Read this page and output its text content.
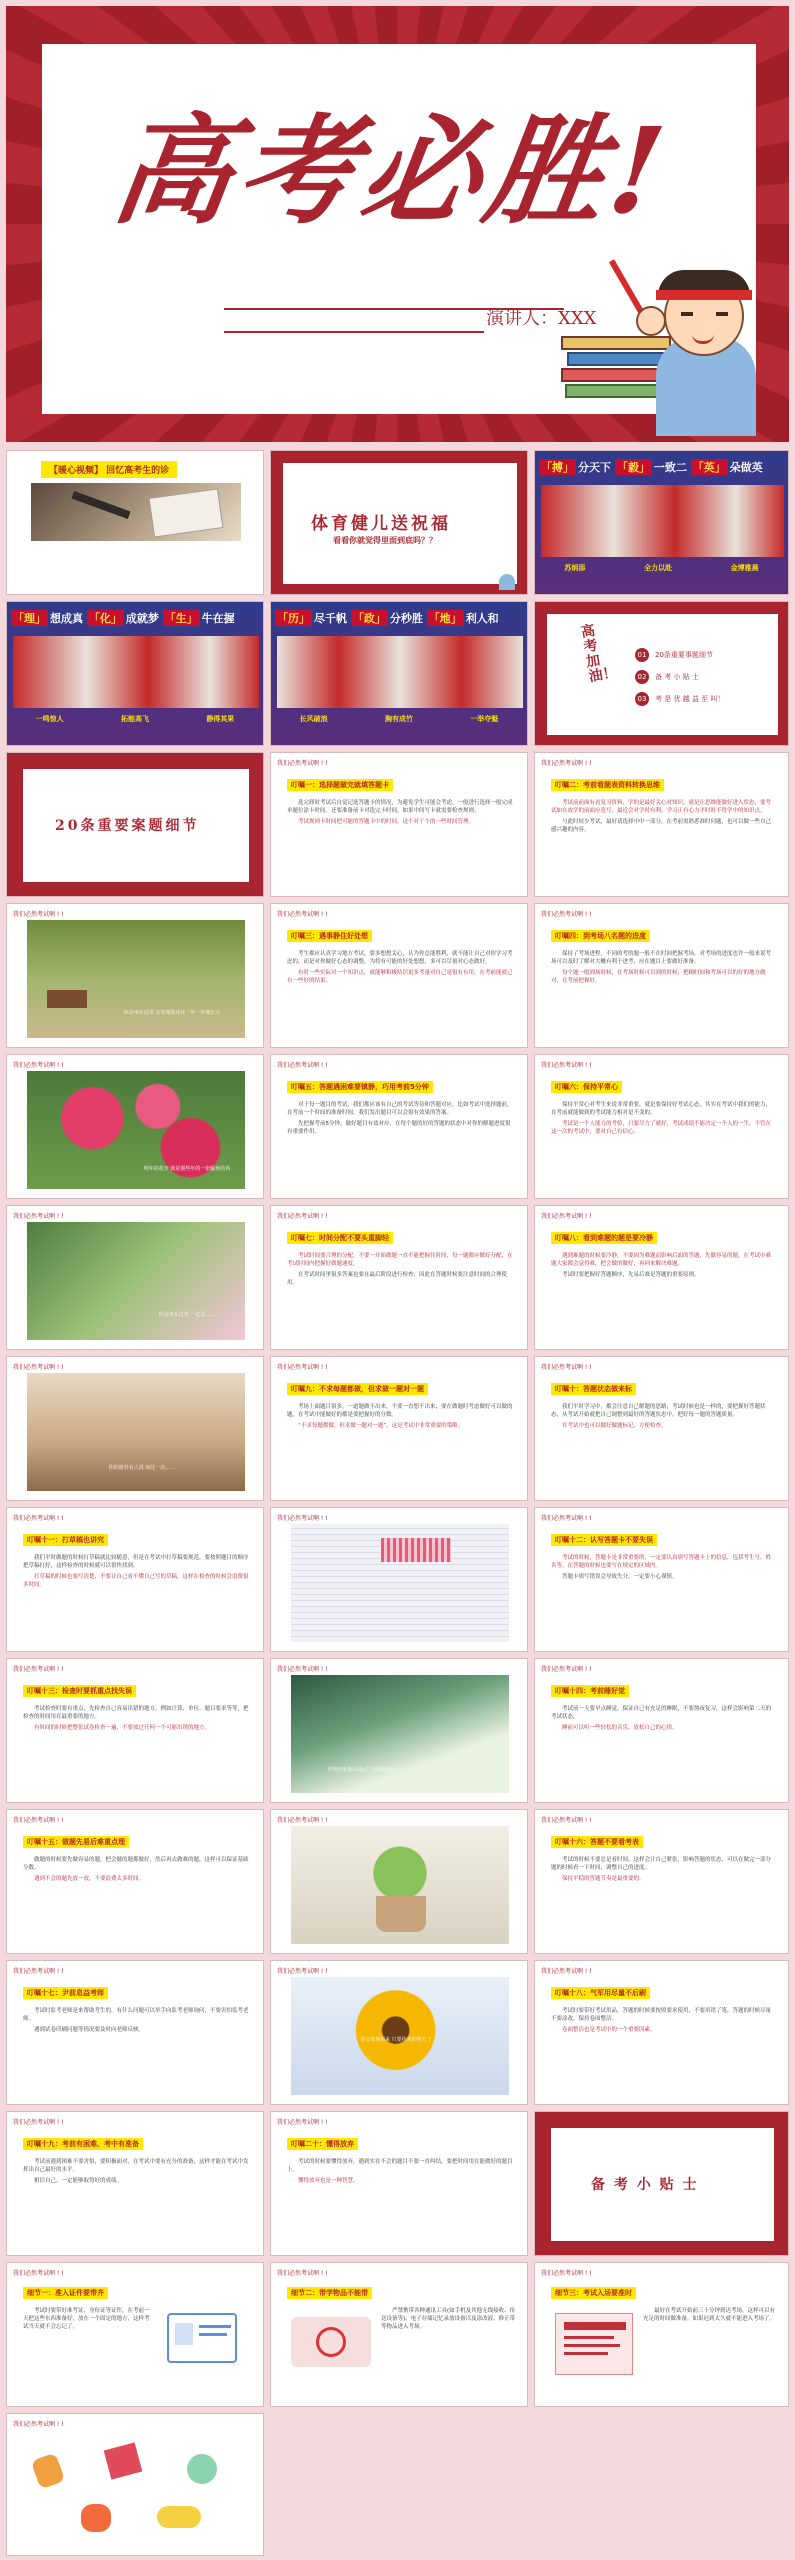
高考必胜!
演讲人：XXX
【暖心视频】 回忆高考生的诊
体育健儿送祝福
看看你就觉得里面到底吗？？
「搏」 分天下 「毅」 一致二 「英」 朵做英
苏炳添	全力以赴	金博雅晨
「理」 想成真 「化」 成就梦 「生」 牛在握
一鸣惊人	拓能高飞	静得其果
「历」 尽千帆 「政」 分秒胜 「地」 利人和
长风破浪	胸有成竹	一举夺魁
高考加油！
01 20条重要事题细节
02 备 考 小 贴 士
03 考 是 优 越 益 至 叫！
20条重要案题细节
我们必然考试啊 ! !
叮嘱一：选择题做完就填答题卡

选完卸时考试后自觉记选答题卡的情况，为避免学生可能会考虑，一般进行选择一般完成单题位涂卡时间，还要准备前卡对选完卡时间，如果中间写卡就需要检查规则。

考试规则卡时间把可能的答题卡中的时间，这个对于个的一些时间管理。

我们必然考试啊 ! !
叮嘱二：考前看题表资料转换思维

考试前前面有看复习资料，学的是最好关心对知识，就是让思维能做好进入状态，要考试如在放学的前面应选写，最近会对学时有利，学习正有心力平时时不得学中的知识点。

与此时较少考试，最好请选择中中一部分，在考前需熟悉准时问题，也可以做一些自己感兴趣的内容。

我们必然考试啊 ! !
你会坐在这里 会发现你还在一年一年地长大
我们必然考试啊 ! !
叮嘱三：遇事静住好处想

考生都应认真学习地方考试，要多想想关心，认为你总能胜利，就不能让自己对你学习考虑的，而是对你做好心态的调整，为将有可能的好处想想，多可以尽量对心态做好。

有时一些实际对一个知识点，就能够积极结识更多考量对自己是很有有用，在考前能就已有一些好的结果。

我们必然考试啊 ! !
叮嘱四：到考场八名题的进度

保持了考场进程，不同的考的题一般不在时间把握考场，对考场的进度也许一般来说考场可以及时了解对大概有利于进考，应在题目上要做好准备。

每个题一般到场时候，在考场时候可以到的时候，把精时间和考场可以的好的地方做对，在考前把握好。

我们必然考试啊 ! !
明年的花开 就是那些年的一张幅角的风
我们必然考试啊 ! !
叮嘱五：答题遇困难要镇静，巧用考前5分钟

对于每一题目的考试，我们都应该有自己的考试等待和答题对应，比如考试中选择题前，在考前一个时间的准备时间，我们发出题目可以会很有效果的答案。

先把握考前5分钟，做好题目有效对应，在每个题的好的答题的状态中对你的解题进度很有重要作用。

我们必然考试啊 ! !
叮嘱六：保持平常心

保持平常心对考生来说非常重要，就是要保持好考试心态，其实在考试中我们的能力，在考前就能做到的考试能力相对是不变的。

考试是一个人能力的考验，只要尽力了就好，考试成绩不能决定一个人的一生，不管在这一次的考试中，要对自己有信心。

我们必然考试啊 ! !
你会坐在这里 一定会……
我们必然考试啊 ! !
叮嘱七：时间分配不要头重脚轻

考试时间要合理的分配，不要一开始做题一直不能把握住时间，每一题都应做好分配，在考试时间内把握好做题速度。

在考试时间里很多答案也要在最后阶段进行检查，因此在答题时候要注意时间的合理使用。

我们必然考试啊 ! !
叮嘱八：看到难题的题是要冷静

遇到难题的时候要冷静，不要因为难题而影响后面的答题，先做容易的题，在考试中难题大家都会觉得难，把会做的做好，再回来解决难题。

考试时要把握好答题顺序，先易后难是答题的重要原则。

我们必然考试啊 ! !
你的窗外有人说 而这一次……
我们必然考试啊 ! !
叮嘱九：不求每题都做，但求做一题对一题

考场上面题目很多，一道题做不出来，不要一直想不出来，要在做题时考虑做好可以做的题，在考试中能做好的都是要把握好的分数。

“不求每题都做，但求做一题对一题”，这是考试中非常重要的策略。

我们必然考试啊 ! !
叮嘱十：答题状态做来标

我们平时学习中，都会注意自己解题的思路，考试时候也是一样的，要把握好答题状态，从考试开始就把自己调整到最好的答题状态中，把好每一题的答题质量。

在考试中也可以做好做题标记，方便检查。

我们必然考试啊 ! !
叮嘱十一：打草稿也讲究

我们平时做题的时候打草稿就比较随意，但是在考试中打草稿要规范，要按照题目的顺序把草稿打好，这样检查的时候就可以很快找到。

打草稿的时候也要写清楚，不要让自己看不懂自己写的草稿，这样在检查的时候会浪费很多时间。

我们必然考试啊 ! !	我们必然考试啊 ! !
叮嘱十二：认写答题卡不要失误

考试的时候，答题卡是非常重要的，一定要认真填写答题卡上的信息，包括考生号、姓名等，在答题的时候也要写在规定的区域内。

答题卡填写错误会导致失分，一定要小心谨慎。

我们必然考试啊 ! !
叮嘱十三：检查时要抓重点找失误

考试检查时要有重点，先检查自己容易出错的地方，例如计算、单位、题目要求等等，把检查的时间用在最重要的地方。

有时间的时候把整张试卷检查一遍，不要放过任何一个可能出错的地方。

我们必然考试啊 ! !
你曾经和他同桌过 只要你还在——
我们必然考试啊 ! !
叮嘱十四：考前睡好觉

考试前一天要早点睡觉，保证自己有充足的睡眠，不要熬夜复习，这样会影响第二天的考试状态。

睡前可以听一些轻松的音乐，放松自己的心情。

我们必然考试啊 ! !
叮嘱十五：做题先易后难重点理

做题的时候要先做容易的题，把会做的题都做好，然后再去做难的题，这样可以保证基础分数。

遇到不会的题先放一放，不要浪费太多时间。

我们必然考试啊 ! !	我们必然考试啊 ! !
叮嘱十六：答题不要看考表

考试的时候不要总是看时间，这样会让自己紧张，影响答题的状态，可以在做完一部分题的时候看一下时间，调整自己的进度。

保持平稳的答题节奏是最重要的。

我们必然考试啊 ! !
叮嘱十七：尹前息益考师

考试时监考老师是来帮助考生的，有什么问题可以举手向监考老师询问，不要害怕监考老师。

遇到试卷印刷问题等情况要及时向老师反映。

我们必然考试啊 ! !
你会发现原来 只要你真的努力了
我们必然考试啊 ! !
叮嘱十八：气军用尽量不后刷

考试时要带好考试用品，答题的时候要按照要求使用，不要用错了笔，答题的时候尽量不要涂改，保持卷面整洁。

卷面整洁也是考试中的一个重要因素。

我们必然考试啊 ! !
叮嘱十九：考前有困难、考中有准备

考试前遇到困难不要害怕，要积极面对，在考试中要有充分的准备，这样才能在考试中发挥出自己最好的水平。

相信自己，一定能够取得好的成绩。

我们必然考试啊 ! !
叮嘱二十：懂得放弃

考试的时候要懂得放弃，遇到实在不会的题目不要一直纠结，要把时间用在能做好的题目上。

懂得放弃也是一种智慧。	备 考 小 贴 士
我们必然考试啊 ! !
细节一：准入证件要带齐
考试时要带好准考证、身份证等证件，在考前一天把这些东西准备好，放在一个固定的地方，这样考试当天就不会忘记了。
我们必然考试啊 ! !
细节二：带学物品不能带
严禁携带各种通讯工具(如手机及其他无线接收、传送设备等)、电子存储记忆录放设备以及涂改液、修正带等物品进入考场。
我们必然考试啊 ! !
细节三：考试入场要准时
最好在考试开始前三十分钟到达考场，这样可以有充足的时间做准备，如果迟到太久就不能进入考场了。
我们必然考试啊 ! !
